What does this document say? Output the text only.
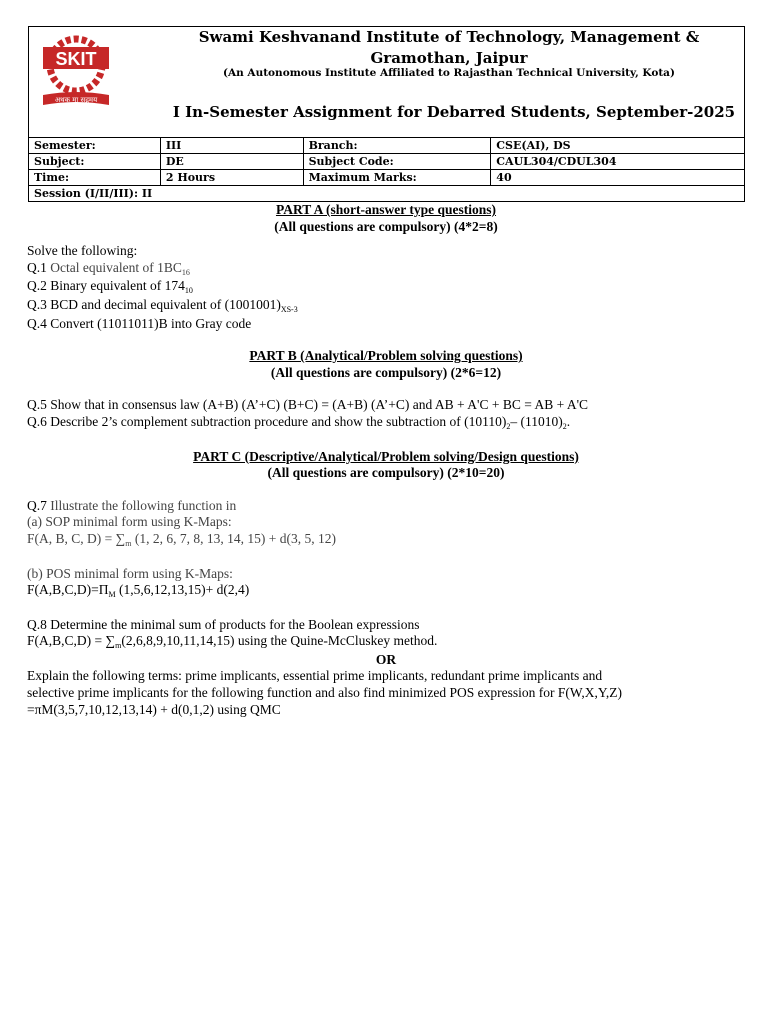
SKIT
अथक मा सद्गमय
Swami Keshvanand Institute of Technology, Management &
Gramothan, Jaipur
(An Autonomous Institute Affiliated to Rajasthan Technical University, Kota)
I In-Semester Assignment for Debarred Students, September-2025
Semester:	III	Branch:	CSE(AI), DS
Subject:	DE	Subject Code:	CAUL304/CDUL304
Time:	2 Hours	Maximum Marks:	40
Session (I/II/III): II			
PART A (short-answer type questions)
(All questions are compulsory) (4*2=8)
Solve the following:
Q.1 Octal equivalent of $1BC_{16}$
Q.2 Binary equivalent of $174_{10}$
Q.3 BCD and decimal equivalent of $(1001001)_{XS-3}$
Q.4 Convert (11011011)B into Gray code
PART B (Analytical/Problem solving questions)
(All questions are compulsory) (2*6=12)
Q.5 Show that in consensus law (A+B) (A’+C) (B+C) = (A+B) (A’+C) and AB + A'C + BC = AB + A'C
Q.6 Describe 2’s complement subtraction procedure and show the subtraction of $(10110)_2-$ $(11010)_2$.
PART C (Descriptive/Analytical/Problem solving/Design questions)
(All questions are compulsory) (2*10=20)
Q.7 Illustrate the following function in
(a) SOP minimal form using K-Maps:
F(A, B, C, $D) = \sum_m$ (1, 2, 6, 7, 8, 13, 14, 15) + d(3, 5, 12)
(b) POS minimal form using K-Maps:
$F(A,B,C,D)=\Pi_M$ (1,5,6,12,13,15)+ d(2,4)
Q.8 Determine the minimal sum of products for the Boolean expressions
$F(A,B,C,D) = \sum_m(2,6,8,9,10,11,14,15)$ using the Quine-McCluskey method.
OR
Explain the following terms: prime implicants, essential prime implicants, redundant prime implicants and
selective prime implicants for the following function and also find minimized POS expression for F(W,X,Y,Z)
=πM(3,5,7,10,12,13,14) + d(0,1,2) using QMC
